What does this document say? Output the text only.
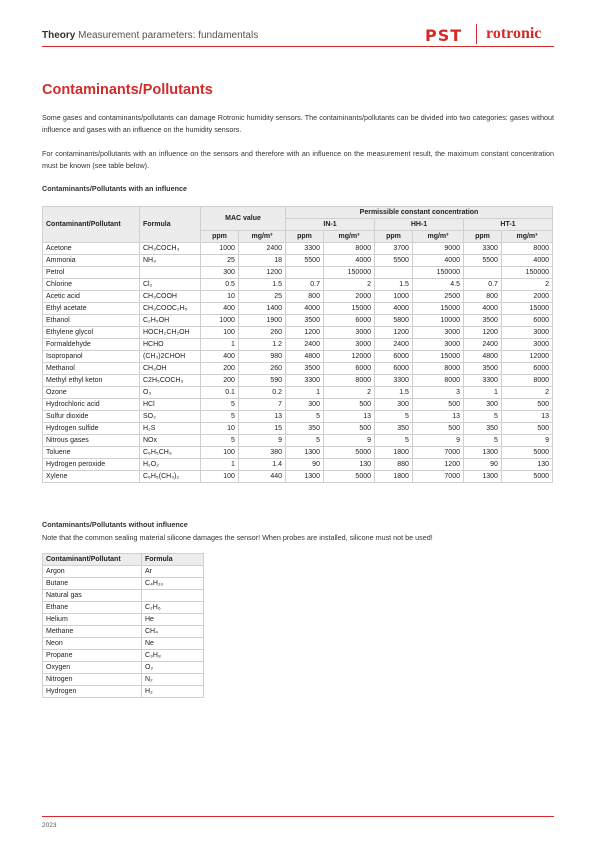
Theory Measurement parameters: fundamentals	PST rotronic
Contaminants/Pollutants
Some gases and contaminants/pollutants can damage Rotronic humidity sensors. The contaminants/pollutants can be divided into two categories: gases without influence and gases with an influence on the humidity sensors.
For contaminants/pollutants with an influence on the sensors and therefore with an influence on the measurement result, the maximum constant concentration must be known (see table below).
Contaminants/Pollutants with an influence
Contaminant/Pollutant	Formula	MAC value		Permissible constant concentration					
				IN-1		HH-1		HT-1	
		ppm	mg/m³	ppm	mg/m³	ppm	mg/m³	ppm	mg/m³
Acetone	CH₃COCH₃	1000	2400	3300	8000	3700	9000	3300	8000
Ammonia	NH₃	25	18	5500	4000	5500	4000	5500	4000
Petrol		300	1200		150000		150000		150000
Chlorine	Cl₂	0.5	1.5	0.7	2	1.5	4.5	0.7	2
Acetic acid	CH₃COOH	10	25	800	2000	1000	2500	800	2000
Ethyl acetate	CH₃COOC₂H₅	400	1400	4000	15000	4000	15000	4000	15000
Ethanol	C₂H₅OH	1000	1900	3500	6000	5800	10000	3500	6000
Ethylene glycol	HOCH₂CH₂OH	100	260	1200	3000	1200	3000	1200	3000
Formaldehyde	HCHO	1	1.2	2400	3000	2400	3000	2400	3000
Isopropanol	(CH₃)2CHOH	400	980	4800	12000	6000	15000	4800	12000
Methanol	CH₃OH	200	260	3500	6000	6000	8000	3500	6000
Methyl ethyl keton	C2H₅COCH₃	200	590	3300	8000	3300	8000	3300	8000
Ozone	O₃	0.1	0.2	1	2	1.5	3	1	2
Hydrochloric acid	HCl	5	7	300	500	300	500	300	500
Sulfur dioxide	SO₂	5	13	5	13	5	13	5	13
Hydrogen sulfide	H₂S	10	15	350	500	350	500	350	500
Nitrous gases	NOx	5	9	5	9	5	9	5	9
Toluene	C₆H₅CH₃	100	380	1300	5000	1800	7000	1300	5000
Hydrogen peroxide	H₂O₂	1	1.4	90	130	880	1200	90	130
Xylene	C₆H₅(CH₃)₂	100	440	1300	5000	1800	7000	1300	5000
Contaminants/Pollutants without influence
Note that the common sealing material silicone damages the sensor! When probes are installed, silicone must not be used!
Contaminant/Pollutant	Formula
Argon	Ar
Butane	C₄H₁₀
Natural gas	
Ethane	C₂H₆
Helium	He
Methane	CH₄
Neon	Ne
Propane	C₃H₈
Oxygen	O₂
Nitrogen	N₂
Hydrogen	H₂
2023
